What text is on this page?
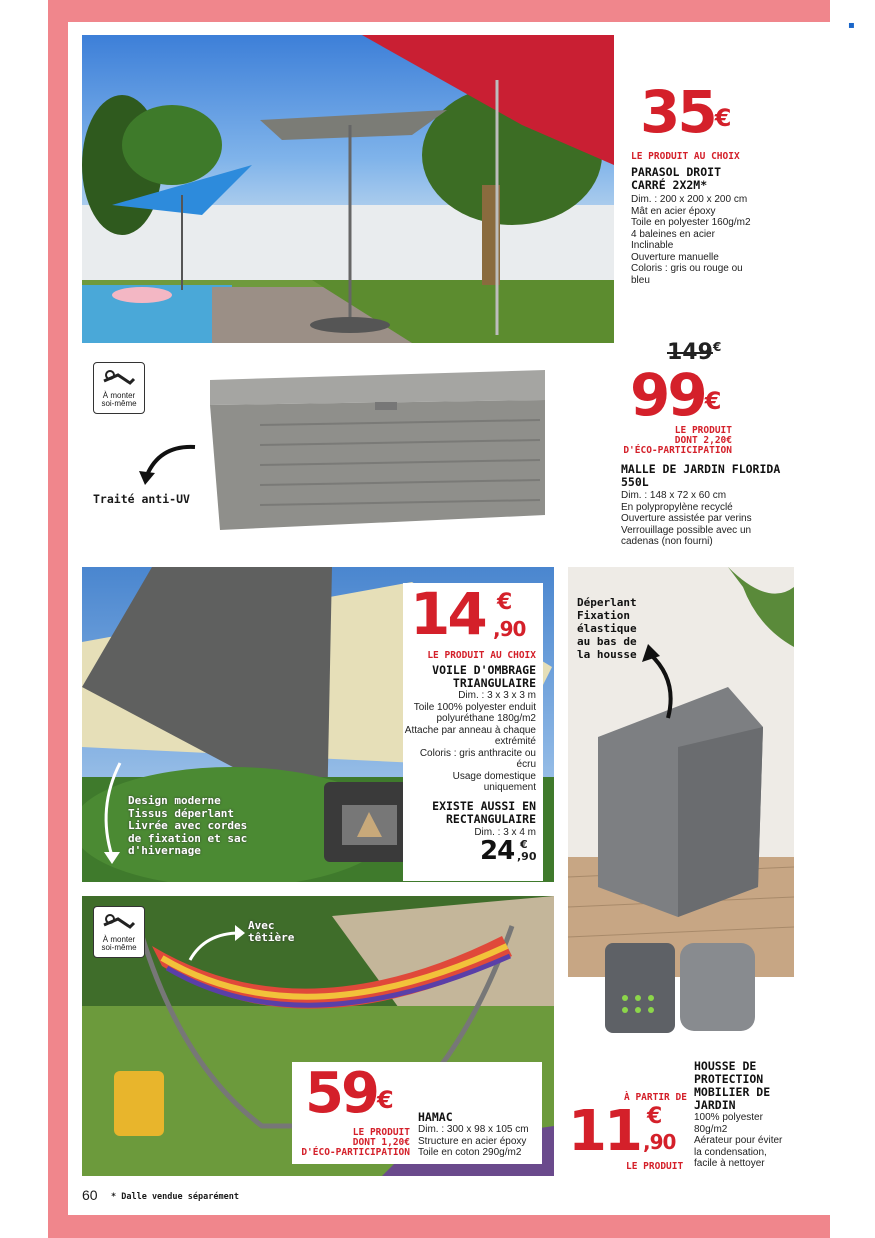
▪
35€
LE PRODUIT AU CHOIX
PARASOL DROIT
CARRÉ 2X2M*
Dim. : 200 x 200 x 200 cm
Mât en acier époxy
Toile en polyester 160g/m2
4 baleines en acier
Inclinable
Ouverture manuelle
Coloris : gris ou rouge ou
bleu
À monter
soi-même
Traité anti-UV
149€
99€
LE PRODUIT
DONT 2,20€
D'ÉCO-PARTICIPATION
MALLE DE JARDIN FLORIDA
550L
Dim. : 148 x 72 x 60 cm
En polypropylène recyclé
Ouverture assistée par verins
Verrouillage possible avec un
cadenas (non fourni)
14 €
,90
LE PRODUIT AU CHOIX
VOILE D'OMBRAGE
TRIANGULAIRE
Dim. : 3 x 3 x 3 m
Toile 100% polyester enduit
polyuréthane 180g/m2
Attache par anneau à chaque
extrémité
Coloris : gris anthracite ou
écru
Usage domestique
uniquement
EXISTE AUSSI EN
RECTANGULAIRE
Dim. : 3 x 4 m
24 €
,90
Design moderne
Tissus déperlant
Livrée avec cordes
de fixation et sac
d'hivernage
Déperlant
Fixation
élastique
au bas de
la housse
HOUSSE DE
PROTECTION
MOBILIER DE
JARDIN
À PARTIR DE
11 €
,90
LE PRODUIT
100% polyester
80g/m2
Aérateur pour éviter
la condensation,
facile à nettoyer
À monter
soi-même
Avec
têtière
59€
LE PRODUIT
DONT 1,20€
D'ÉCO-PARTICIPATION
HAMAC
Dim. : 300 x 98 x 105 cm
Structure en acier époxy
Toile en coton 290g/m2
60 * Dalle vendue séparément
